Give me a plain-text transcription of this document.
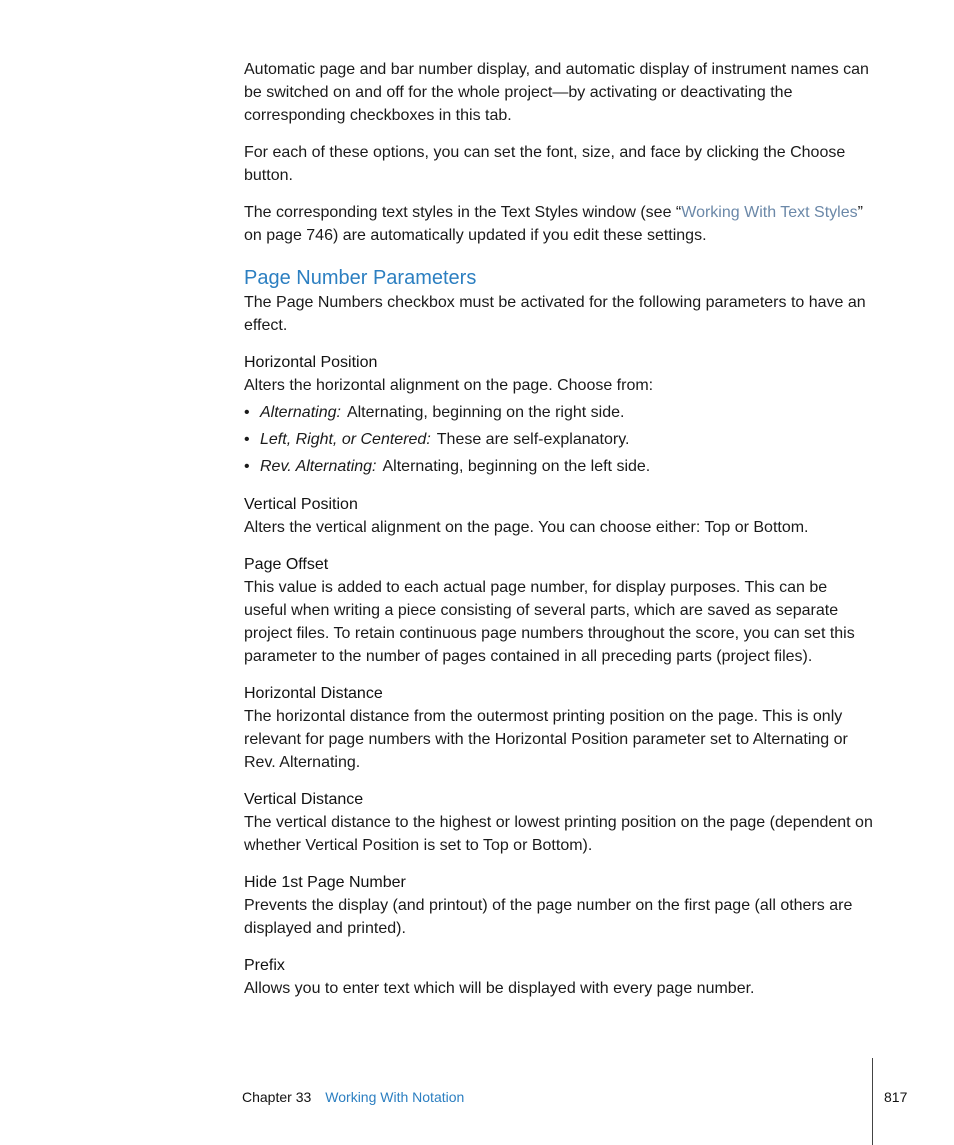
Automatic page and bar number display, and automatic display of instrument names can be switched on and off for the whole project—by activating or deactivating the corresponding checkboxes in this tab.

For each of these options, you can set the font, size, and face by clicking the Choose button.

The corresponding text styles in the Text Styles window (see “Working With Text Styles” on page 746) are automatically updated if you edit these settings.

Page Number Parameters

The Page Numbers checkbox must be activated for the following parameters to have an effect.

Horizontal Position

Alters the horizontal alignment on the page. Choose from:

• Alternating: Alternating, beginning on the right side.
• Left, Right, or Centered: These are self-explanatory.
• Rev. Alternating: Alternating, beginning on the left side.
Vertical Position

Alters the vertical alignment on the page. You can choose either: Top or Bottom.

Page Offset

This value is added to each actual page number, for display purposes. This can be useful when writing a piece consisting of several parts, which are saved as separate project files. To retain continuous page numbers throughout the score, you can set this parameter to the number of pages contained in all preceding parts (project files).

Horizontal Distance

The horizontal distance from the outermost printing position on the page. This is only relevant for page numbers with the Horizontal Position parameter set to Alternating or Rev. Alternating.

Vertical Distance

The vertical distance to the highest or lowest printing position on the page (dependent on whether Vertical Position is set to Top or Bottom).

Hide 1st Page Number

Prevents the display (and printout) of the page number on the first page (all others are displayed and printed).

Prefix

Allows you to enter text which will be displayed with every page number.

Chapter 33 Working With Notation	817
